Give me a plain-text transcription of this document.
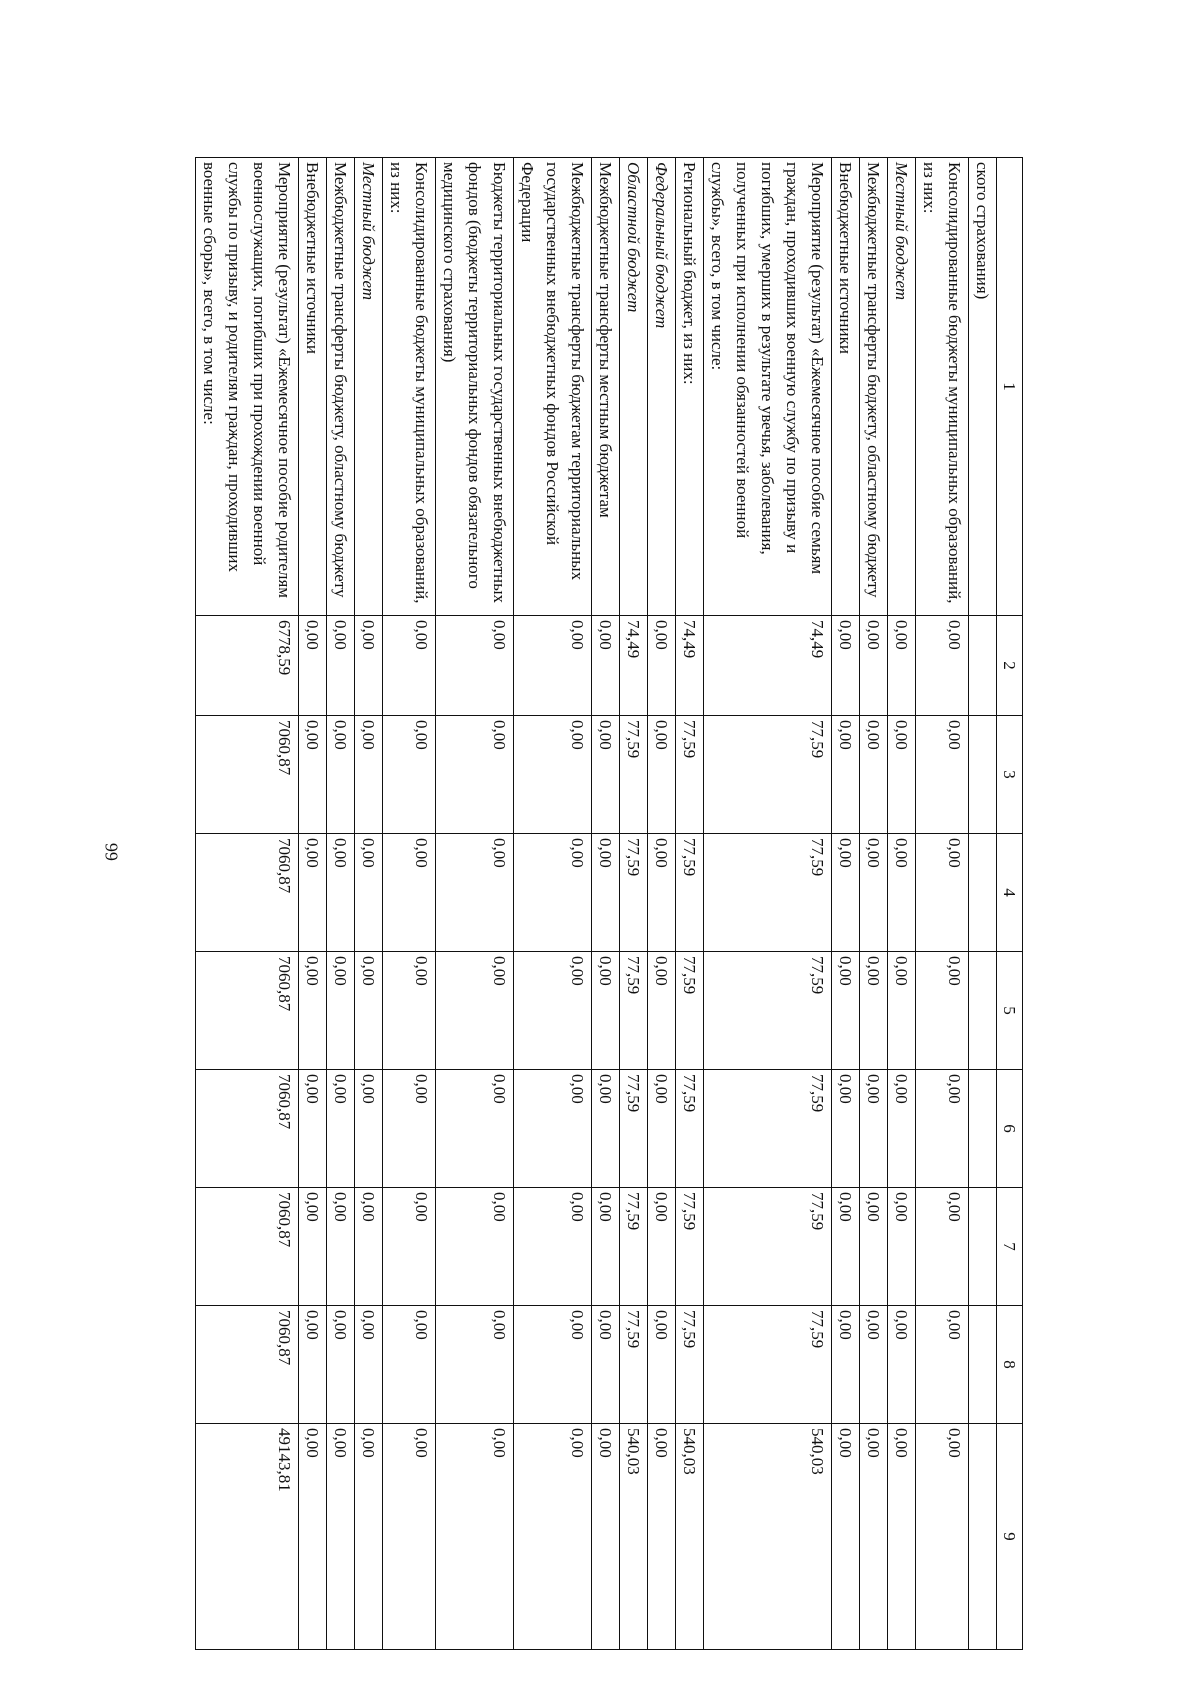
66
1	2	3	4	5	6	7	8	9
ского страхования)								
Консолидированные бюджеты муниципальных образований, из них:	0,00	0,00	0,00	0,00	0,00	0,00	0,00	0,00
Местный бюджет	0,00	0,00	0,00	0,00	0,00	0,00	0,00	0,00
Межбюджетные трансферты бюджету, областному бюджету	0,00	0,00	0,00	0,00	0,00	0,00	0,00	0,00
Внебюджетные источники	0,00	0,00	0,00	0,00	0,00	0,00	0,00	0,00
Мероприятие (результат) «Ежемесячное пособие семьям граждан, проходивших военную службу по призыву и погибших, умерших в результате увечья, заболевания, полученных при исполнении обязанностей военной службы», всего, в том числе:	74,49	77,59	77,59	77,59	77,59	77,59	77,59	540,03
Региональный бюджет, из них:	74,49	77,59	77,59	77,59	77,59	77,59	77,59	540,03
Федеральный бюджет	0,00	0,00	0,00	0,00	0,00	0,00	0,00	0,00
Областной бюджет	74,49	77,59	77,59	77,59	77,59	77,59	77,59	540,03
Межбюджетные трансферты местным бюджетам	0,00	0,00	0,00	0,00	0,00	0,00	0,00	0,00
Межбюджетные трансферты бюджетам территориальных государственных внебюджетных фондов Российской Федерации	0,00	0,00	0,00	0,00	0,00	0,00	0,00	0,00
Бюджеты территориальных государственных внебюджетных фондов (бюджеты территориальных фондов обязательного медицинского страхования)	0,00	0,00	0,00	0,00	0,00	0,00	0,00	0,00
Консолидированные бюджеты муниципальных образований, из них:	0,00	0,00	0,00	0,00	0,00	0,00	0,00	0,00
Местный бюджет	0,00	0,00	0,00	0,00	0,00	0,00	0,00	0,00
Межбюджетные трансферты бюджету, областному бюджету	0,00	0,00	0,00	0,00	0,00	0,00	0,00	0,00
Внебюджетные источники	0,00	0,00	0,00	0,00	0,00	0,00	0,00	0,00
Мероприятие (результат) «Ежемесячное пособие родителям военнослужащих, погибших при прохождении военной службы по призыву, и родителям граждан, проходивших военные сборы», всего, в том числе:	6778,59	7060,87	7060,87	7060,87	7060,87	7060,87	7060,87	49143,81
